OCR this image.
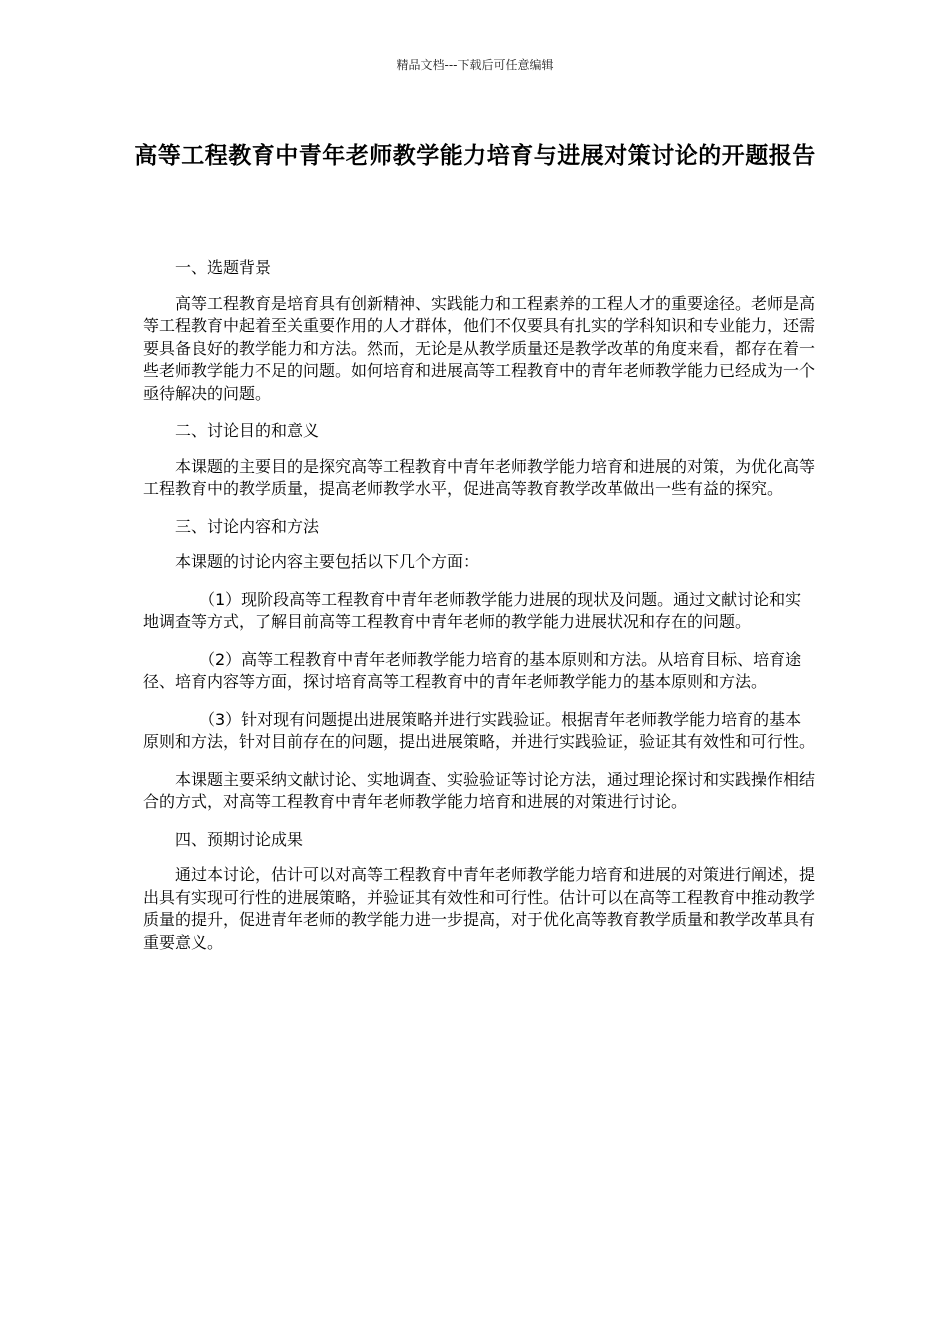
精品文档---下载后可任意编辑
高等工程教育中青年老师教学能力培育与进展对策讨论的开题报告

一、选题背景

高等工程教育是培育具有创新精神、实践能力和工程素养的工程人才的重要途径。老师是高等工程教育中起着至关重要作用的人才群体，他们不仅要具有扎实的学科知识和专业能力，还需要具备良好的教学能力和方法。然而，无论是从教学质量还是教学改革的角度来看，都存在着一些老师教学能力不足的问题。如何培育和进展高等工程教育中的青年老师教学能力已经成为一个亟待解决的问题。

二、讨论目的和意义

本课题的主要目的是探究高等工程教育中青年老师教学能力培育和进展的对策，为优化高等工程教育中的教学质量，提高老师教学水平，促进高等教育教学改革做出一些有益的探究。

三、讨论内容和方法

本课题的讨论内容主要包括以下几个方面：

（1）现阶段高等工程教育中青年老师教学能力进展的现状及问题。通过文献讨论和实地调查等方式，了解目前高等工程教育中青年老师的教学能力进展状况和存在的问题。

（2）高等工程教育中青年老师教学能力培育的基本原则和方法。从培育目标、培育途径、培育内容等方面，探讨培育高等工程教育中的青年老师教学能力的基本原则和方法。

（3）针对现有问题提出进展策略并进行实践验证。根据青年老师教学能力培育的基本原则和方法，针对目前存在的问题，提出进展策略，并进行实践验证，验证其有效性和可行性。

本课题主要采纳文献讨论、实地调查、实验验证等讨论方法，通过理论探讨和实践操作相结合的方式，对高等工程教育中青年老师教学能力培育和进展的对策进行讨论。

四、预期讨论成果

通过本讨论，估计可以对高等工程教育中青年老师教学能力培育和进展的对策进行阐述，提出具有实现可行性的进展策略，并验证其有效性和可行性。估计可以在高等工程教育中推动教学质量的提升，促进青年老师的教学能力进一步提高，对于优化高等教育教学质量和教学改革具有重要意义。
